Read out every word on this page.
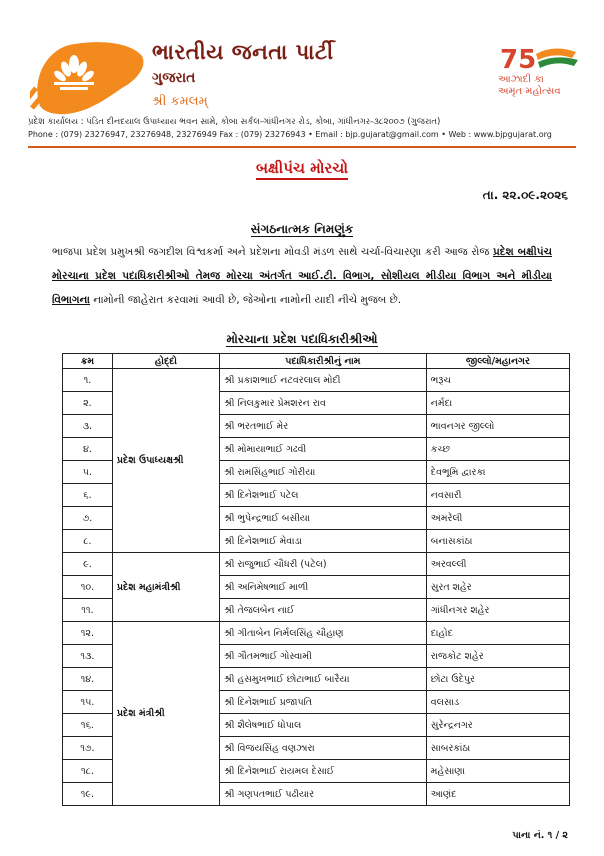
ભારતીય જનતા પાર્ટી
ગુજરાત
શ્રી કમલમ્
75
આઝાદી કા
અમૃત મહોત્સવ
પ્રદેશ કાર્યાલય : પંડિત દીનદયાલ ઉપાધ્યાય ભવન સામે, કોબા સર્કલ-ગાંધીનગર રોડ, કોબા, ગાંધીનગર-૩૮૨૦૦૭ (ગુજરાત)
Phone : (079) 23276947, 23276948, 23276949 Fax : (079) 23276943 • Email : bjp.gujarat@gmail.com • Web : www.bjpgujarat.org
બક્ષીપંચ મોરચો
તા. ૨૨.૦૯.૨૦૨૬
સંગઠનાત્મક નિમણુંક
ભાજપા પ્રદેશ પ્રમુખશ્રી જગદીશ વિશ્વકર્મા અને પ્રદેશના મોવડી મંડળ સાથે ચર્ચા-વિચારણા કરી આજ રોજ પ્રદેશ બક્ષીપંચ મોરચાના પ્રદેશ પદાધિકારીશ્રીઓ તેમજ મોરચા અંતર્ગત આઈ.ટી. વિભાગ, સોશીયલ મીડીયા વિભાગ અને મીડીયા વિભાગના નામોની જાહેરાત કરવામાં આવી છે, જેઓના નામોની યાદી નીચે મુજબ છે.
મોરચાના પ્રદેશ પદાધિકારીશ્રીઓ
ક્રમ	હોદ્દો	પદાધિકારીશ્રીનું નામ	જીલ્લો/મહાનગર
૧.	પ્રદેશ ઉપાધ્યક્ષશ્રી	શ્રી પ્રકાશભાઈ નટવરલાલ મોદી	ભરૂચ
૨.		શ્રી નિલકુમાર પ્રેમશરન રાવ	નર્મદા
૩.		શ્રી ભરતભાઈ મેર	ભાવનગર જીલ્લો
૪.		શ્રી મોમાયાભાઈ ગઢવી	કચ્છ
૫.		શ્રી રામસિંહભાઈ ગોરીયા	દેવભૂમિ દ્વારકા
૬.		શ્રી દિનેશભાઈ પટેલ	નવસારી
૭.		શ્રી ભુપેન્દ્રભાઈ બસીયા	અમરેલી
૮.		શ્રી દિનેશભાઈ મેવાડા	બનાસકાંઠા
૯.	પ્રદેશ મહામંત્રીશ્રી	શ્રી રાજુભાઈ ચૌધરી (પટેલ)	અરવલ્લી
૧૦.		શ્રી અનિમેષભાઈ માળી	સુરત શહેર
૧૧.		શ્રી તેજલબેન નાઈ	ગાંધીનગર શહેર
૧૨.	પ્રદેશ મંત્રીશ્રી	શ્રી ગીતાબેન નિર્મલસિંહ ચૌહાણ	દાહોદ
૧૩.		શ્રી ગૌતમભાઈ ગોસ્વામી	રાજકોટ શહેર
૧૪.		શ્રી હસમુખભાઈ છોટાભાઈ બારૈયા	છોટા ઉદેપુર
૧૫.		શ્રી દિનેશભાઈ પ્રજાપતિ	વલસાડ
૧૬.		શ્રી શૈલેષભાઈ ધોપાલ	સુરેન્દ્રનગર
૧૭.		શ્રી વિજયસિંહ વણઝારા	સાબરકાંઠા
૧૮.		શ્રી દિનેશભાઈ રાયમલ દેસાઈ	મહેસાણા
૧૯.		શ્રી ગણપતભાઈ પઢીયાર	આણંદ
પાના નં. ૧ / ૨
